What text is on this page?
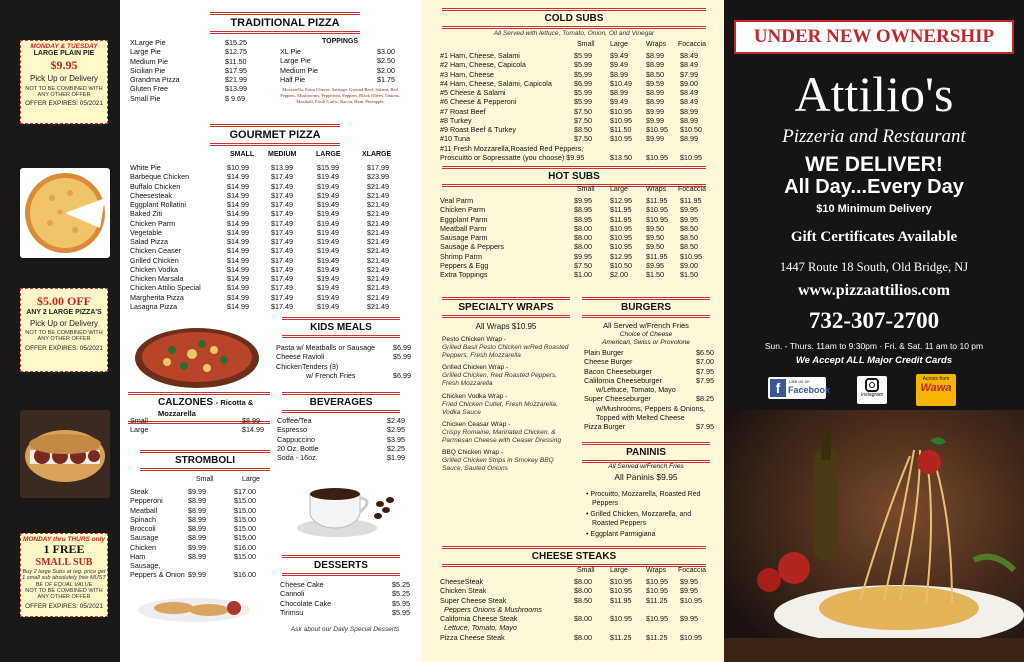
MONDAY & TUESDAY
LARGE PLAIN PIE
$9.95
Pick Up or Delivery
NOT TO BE COMBINED WITH ANY OTHER OFFER
OFFER EXPIRES: 05/2021
$5.00 OFF
ANY 2 LARGE PIZZA'S
Pick Up or Delivery
NOT TO BE COMBINED WITH ANY OTHER OFFER
OFFER EXPIRES: 05/2021
MONDAY thru THURS only
1 FREE
SMALL SUB
Buy 2 large Subs at reg. price get 1 small sub absolutely free MUST BE OF EQUAL VALUE
NOT TO BE COMBINED WITH ANY OTHER OFFER
OFFER EXPIRES: 05/2021
TRADITIONAL PIZZA
XLarge Pie	$15.25
Large Pie	$12.75
Medium Pie	$11.50
Sicilian Pie	$17.95
Grandma Pizza	$21.99
Gluten Free	$13.99
Small Pie	$ 9.69
TOPPINGS
XL Pie	$3.00
Large Pie	$2.50
Medium Pie	$2.00
Half Pie	$1.75
Mozzarella, Extra Cheese, Sausage, Ground Beef, Salami, Red Peppers, Mushrooms, Pepperoni, Peppers, Black Olives, Onions, Meatball, Fresh Garlic, Bacon, Ham, Pineapple
GOURMET PIZZA
SMALL MEDIUM	LARGE	XLARGE
White Pie	$10.99	$13.99	$15.99	$17.99
Barbeque Chicken	$14.99	$17.49	$19.49	$23.99
Buffalo Chicken	$14.99	$17.49	$19.49	$21.49
Cheesesteak	$14.99	$17.49	$19.49	$21.49
Eggplant Rollatini	$14.99	$17.49	$19.49	$21.49
Baked Ziti	$14.99	$17.49	$19.49	$21.49
Chicken Parm	$14.99	$17.49	$19.49	$21.49
Vegetable	$14.99	$17.49	$19.49	$21.49
Salad Pizza	$14.99	$17.49	$19.49	$21.49
Chicken Ceaser	$14.99	$17.49	$19.49	$21.49
Grilled Chicken	$14.99	$17.49	$19.49	$21.49
Chicken Vodka	$14.99	$17.49	$19.49	$21.49
Chicken Marsala	$14.99	$17.49	$19.49	$21.49
Chicken Attilio Special	$14.99	$17.49	$19.49	$21.49
Margherita Pizza	$14.99	$17.49	$19.49	$21.49
Lasagna Pizza	$14.99	$17.49	$19.49	$21.49
KIDS MEALS
Pasta w/ Meatballs or Sausage $6.99
Cheese Ravioli	$5.99
ChickenTenders (3)
w/ French Fries	$6.99
CALZONES - Ricotta & Mozzarella
Small	$8.99
Large	$14.99
BEVERAGES
Coffee/Tea	$2.49
Espresso	$2.95
Cappuccino	$3.95
20 Oz. Bottle	$2.25
Soda - 16oz.	$1.99
STROMBOLI
Small	Large
Steak	$9.99	$17.00
Pepperoni	$8.99	$15.00
Meatball	$8.99	$15.00
Spinach	$8.99	$15.00
Broccoli	$8.99	$15.00
Sausage	$8.99	$15.00
Chicken	$9.99	$16.00
Ham	$8.99	$15.00
Sausage,
Peppers & Onion $9.99	$16.00
DESSERTS
Cheese Cake	$5.25
Cannoli	$5.25
Chocolate Cake	$5.95
Tirimsu	$5.95
Ask about our Daily Special Desserts
COLD SUBS
All Served with lettuce, Tomato, Onion, Oil and Vinegar
Small Large	Wraps Focaccia
#1 Ham, Cheese, Salami	$5.99	$9.49	$8.99 $8.49
#2 Ham, Cheese, Capicola	$5.99	$9.49	$8.99 $8.49
#3 Ham, Cheese	$5.99	$8.99	$8.50 $7.99
#4 Ham, Cheese, Salami, Capicola	$6.99	$10.49 $9.59 $9.00
#5 Cheese & Salami	$5.99	$8.99	$8.99 $8.49
#6 Cheese & Pepperoni	$5.99	$9.49	$8.99 $8.49
#7 Roast Beef	$7.50	$10.95 $9.99 $8.99
#8 Turkey	$7.50	$10.95 $9.99 $8.99
#9 Roast Beef & Turkey	$8.50	$11.50 $10.95 $10.50
#10 Tuna	$7.50	$10.95 $9.99 $8.99
#11 Fresh Mozzarella,Roasted Red Peppers,
Proscuitto or Sopressatte (you choose) $9.95	$13.50 $10.95 $10.95
HOT SUBS
Small Large	Wraps Focaccia
Veal Parm	$9.95	$12.95 $11.95 $11.95
Chicken Parm	$8.95	$11.95 $10.95 $9.95
Eggplant Parm	$8.95	$11.95 $10.95 $9.95
Meatball Parm	$8.00	$10.95 $9.50 $8.50
Sausage Parm	$8.00	$10.95 $9.50 $8.50
Sausage & Peppers	$8.00	$10.95 $9.50 $8.50
Shrimp Parm	$9.95	$12.95 $11.95 $10.95
Peppers & Egg	$7.50	$10.50 $9.95 $9.00
Extra Toppings	$1.00	$2.00	$1.50 $1.50
SPECIALTY WRAPS
All Wraps $10.95
Pesto Chicken Wrap -
Grilled Basil Pesto Chicken w/Red Roasted Peppers, Fresh Mozzarella
Grilled Chicken Wrap -
Grilled Chicken, Red Roasted Peppers, Fresh Mozzarella
Chicken Vodka Wrap -
Fried Chicken Cutlet, Fresh Mozzarella, Vodka Sauce
Chicken Ceasar Wrap -
Crispy Romaine, Marinated Chicken, & Parmesan Cheese with Ceaser Dressing
BBQ Chicken Wrap -
Grilled Chicken Strips in Smokey BBQ Sauce, Sauted Onions
BURGERS
All Served w/French Fries
Choice of Cheese
American, Swiss or Provolone
Plain Burger	$6.50
Cheese Burger	$7.00
Bacon Cheeseburger	$7.95
California Cheeseburger	$7.95
w/Lettuce, Tomato, Mayo
Super Cheeseburger	$8.25
w/Mushrooms, Peppers & Onions,
Topped with Melted Cheese
Pizza Burger	$7.95
PANINIS
All Served w/French Fries
All Paninis $9.95
• Procuitto, Mozzarella, Roasted Red Peppers
• Grilled Chicken, Mozzarella, and Roasted Peppers
• Eggplant Parmigiana
CHEESE STEAKS
Small Large	Wraps Focaccia
CheeseSteak	$8.00	$10.95 $10.95 $9.95
Chicken Steak	$8.00	$10.95 $10.95 $9.95
Super Cheese Steak	$8.50	$11.95 $11.25 $10.95
Peppers Onions & Mushrooms
California Cheese Steak	$8.00	$10.95 $10.95 $9.95
Lettuce, Tomato, Mayo
Pizza Cheese Steak	$8.00	$11.25 $11.25 $10.95
UNDER NEW OWNERSHIP
Attilio's
Pizzeria and Restaurant
WE DELIVER!
All Day...Every Day
$10 Minimum Delivery
Gift Certificates Available
1447 Route 18 South, Old Bridge, NJ
www.pizzaattilios.com
732-307-2700
Sun. - Thurs. 11am to 9:30pm · Fri. & Sat. 11 am to 10 pm
We Accept ALL Major Credit Cards
f	Like us on
Facebook	Instagram
Across from
Wawa
